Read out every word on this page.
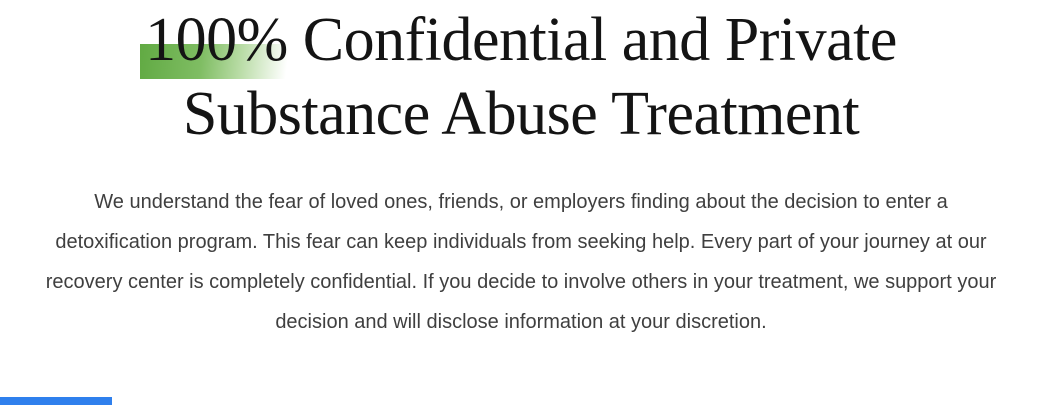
100% Confidential and Private
Substance Abuse Treatment
We understand the fear of loved ones, friends, or employers finding about the decision to enter a
detoxification program. This fear can keep individuals from seeking help. Every part of your journey at our
recovery center is completely confidential. If you decide to involve others in your treatment, we support your
decision and will disclose information at your discretion.
